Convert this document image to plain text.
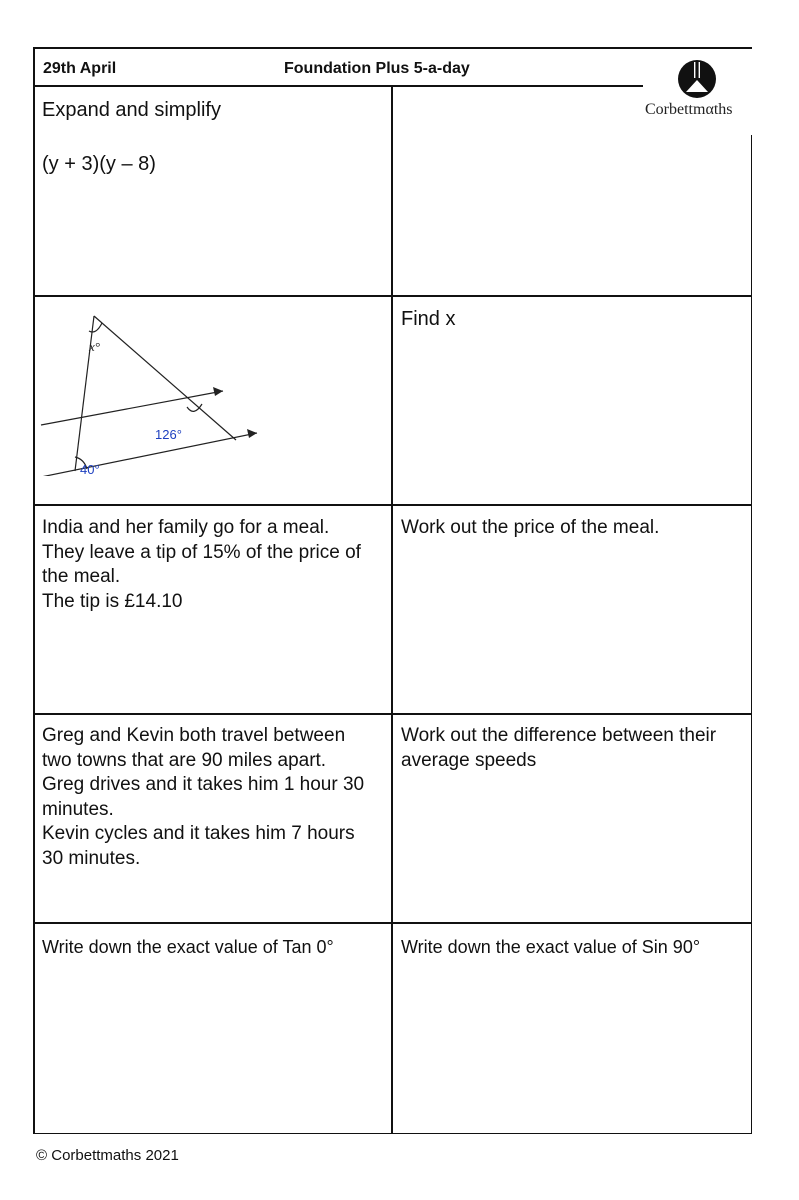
29th April	Foundation Plus 5-a-day
Corbettmαths
Expand and simplify
(y + 3)(y – 8)
x°
126°
40°
Find x
India and her family go for a meal.
They leave a tip of 15% of the price of
the meal.
The tip is £14.10
Work out the price of the meal.
Greg and Kevin both travel between
two towns that are 90 miles apart.
Greg drives and it takes him 1 hour 30
minutes.
Kevin cycles and it takes him 7 hours
30 minutes.
Work out the difference between their
average speeds
Write down the exact value of Tan 0°	Write down the exact value of Sin 90°
© Corbettmaths 2021
